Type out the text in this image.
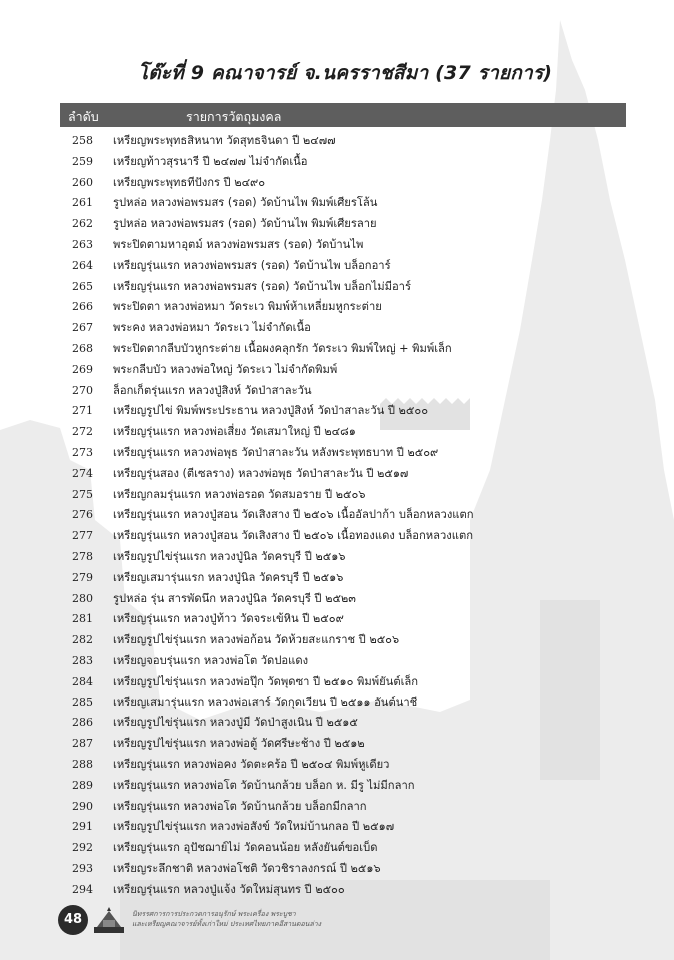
โต๊ะที่ 9 คณาจารย์ จ.นครราชสีมา (37 รายการ)
ลำดับ	รายการวัตถุมงคล
258	เหรียญพระพุทธสิหนาท วัดสุทธจินดา ปี ๒๔๗๗
259	เหรียญท้าวสุรนารี ปี ๒๔๗๗ ไม่จำกัดเนื้อ
260	เหรียญพระพุทธทีปังกร ปี ๒๔๙๐
261	รูปหล่อ หลวงพ่อพรมสร (รอด) วัดบ้านไพ พิมพ์เศียรโล้น
262	รูปหล่อ หลวงพ่อพรมสร (รอด) วัดบ้านไพ พิมพ์เศียรลาย
263	พระปิดตามหาอุตม์ หลวงพ่อพรมสร (รอด) วัดบ้านไพ
264	เหรียญรุ่นแรก หลวงพ่อพรมสร (รอด) วัดบ้านไพ บล็อกอาร์
265	เหรียญรุ่นแรก หลวงพ่อพรมสร (รอด) วัดบ้านไพ บล็อกไม่มีอาร์
266	พระปิดตา หลวงพ่อหมา วัดระเว พิมพ์ห้าเหลี่ยมหูกระต่าย
267	พระคง หลวงพ่อหมา วัดระเว ไม่จำกัดเนื้อ
268	พระปิดตากลีบบัวหูกระต่าย เนื้อผงคลุกรัก วัดระเว พิมพ์ใหญ่ + พิมพ์เล็ก
269	พระกลีบบัว หลวงพ่อใหญ่ วัดระเว ไม่จำกัดพิมพ์
270	ล็อกเก็ตรุ่นแรก หลวงปู่สิงห์ วัดป่าสาละวัน
271	เหรียญรูปไข่ พิมพ์พระประธาน หลวงปู่สิงห์ วัดป่าสาละวัน ปี ๒๕๐๐
272	เหรียญรุ่นแรก หลวงพ่อเสี่ยง วัดเสมาใหญ่ ปี ๒๔๘๑
273	เหรียญรุ่นแรก หลวงพ่อพุธ วัดป่าสาละวัน หลังพระพุทธบาท ปี ๒๕๐๙
274	เหรียญรุ่นสอง (ตีเซลราง) หลวงพ่อพุธ วัดป่าสาละวัน ปี ๒๕๑๗
275	เหรียญกลมรุ่นแรก หลวงพ่อรอด วัดสมอราย ปี ๒๕๐๖
276	เหรียญรุ่นแรก หลวงปู่สอน วัดเสิงสาง ปี ๒๕๐๖ เนื้ออัลปาก้า บล็อกหลวงแตก
277	เหรียญรุ่นแรก หลวงปู่สอน วัดเสิงสาง ปี ๒๕๐๖ เนื้อทองแดง บล็อกหลวงแตก
278	เหรียญรูปไข่รุ่นแรก หลวงปู่นิล วัดครบุรี ปี ๒๕๑๖
279	เหรียญเสมารุ่นแรก หลวงปู่นิล วัดครบุรี ปี ๒๕๑๖
280	รูปหล่อ รุ่น สารพัดนึก หลวงปู่นิล วัดครบุรี ปี ๒๕๒๓
281	เหรียญรุ่นแรก หลวงปู่ท้าว วัดจระเข้หิน ปี ๒๕๐๙
282	เหรียญรูปไข่รุ่นแรก หลวงพ่อก้อน วัดห้วยสะแกราช ปี ๒๕๐๖
283	เหรียญจอบรุ่นแรก หลวงพ่อโต วัดปอแดง
284	เหรียญรูปไข่รุ่นแรก หลวงพ่อปุ๊ก วัดพุดซา ปี ๒๕๑๐ พิมพ์ยันต์เล็ก
285	เหรียญเสมารุ่นแรก หลวงพ่อเสาร์ วัดกุดเวียน ปี ๒๕๑๑ อันต์นาชี
286	เหรียญรูปไข่รุ่นแรก หลวงปู่มี วัดป่าสูงเนิน ปี ๒๕๑๕
287	เหรียญรูปไข่รุ่นแรก หลวงพ่อตู้ วัดศรีษะช้าง ปี ๒๕๑๒
288	เหรียญรุ่นแรก หลวงพ่อคง วัดตะคร้อ ปี ๒๕๐๔ พิมพ์หูเดียว
289	เหรียญรุ่นแรก หลวงพ่อโต วัดบ้านกล้วย บล็อก ห. มีรู ไม่มีกลาก
290	เหรียญรุ่นแรก หลวงพ่อโต วัดบ้านกล้วย บล็อกมีกลาก
291	เหรียญรูปไข่รุ่นแรก หลวงพ่อสังข์ วัดใหม่บ้านกลอ ปี ๒๕๑๗
292	เหรียญรุ่นแรก อุปัชฌาย์ไม่ วัดคอนน้อย หลังยันต์ขอเบ็ด
293	เหรียญระลึกชาติ หลวงพ่อโชติ วัดวชิราลงกรณ์ ปี ๒๕๑๖
294	เหรียญรุ่นแรก หลวงปู่แจ้ง วัดใหม่สุนทร ปี ๒๕๐๐
48	นิทรรศการการประกวดการอนุรักษ์ พระเครื่อง พระบูชา
และเหรียญคณาจารย์ทั้งเก่าใหม่ ประเทศไทยภาคอีสานตอนล่าง
